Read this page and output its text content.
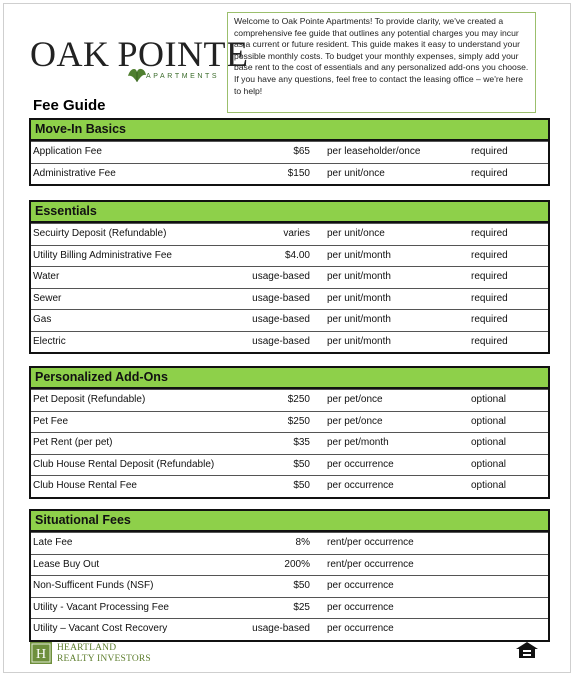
OAK POINTE
APARTMENTS
Fee Guide
Welcome to Oak Pointe Apartments! To provide clarity, we've created a comprehensive fee guide that outlines any potential charges you may incur as a current or future resident. This guide makes it easy to understand your possible monthly costs. To budget your monthly expenses, simply add your base rent to the cost of essentials and any personalized add-ons you choose. If you have any questions, feel free to contact the leasing office – we're here to help!
Move-In Basics
Application Fee	$65 per leaseholder/once	required
Administrative Fee	$150 per unit/once	required
Essentials
Secuirty Deposit (Refundable)	varies per unit/once	required
Utility Billing Administrative Fee	$4.00 per unit/month	required
Water	usage-based per unit/month	required
Sewer	usage-based per unit/month	required
Gas	usage-based per unit/month	required
Electric	usage-based per unit/month	required
Personalized Add-Ons
Pet Deposit (Refundable)	$250 per pet/once	optional
Pet Fee	$250 per pet/once	optional
Pet Rent (per pet)	$35 per pet/month	optional
Club House Rental Deposit (Refundable)	$50 per occurrence	optional
Club House Rental Fee	$50 per occurrence	optional
Situational Fees
Late Fee	8% rent/per occurrence
Lease Buy Out	200% rent/per occurrence
Non-Sufficent Funds (NSF)	$50 per occurrence
Utility - Vacant Processing Fee	$25 per occurrence
Utility – Vacant Cost Recovery	usage-based per occurrence
H HEARTLAND
REALTY INVESTORS
